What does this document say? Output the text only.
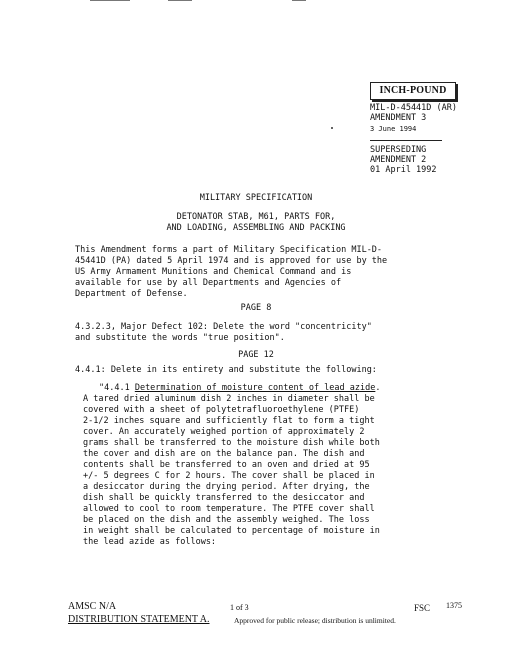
INCH-POUND
MIL-D-45441D (AR)
AMENDMENT 3
3 June 1994
SUPERSEDING
AMENDMENT 2
01 April 1992
MILITARY SPECIFICATION
DETONATOR STAB, M61, PARTS FOR,
AND LOADING, ASSEMBLING AND PACKING
This Amendment forms a part of Military Specification MIL-D-
45441D (PA) dated 5 April 1974 and is approved for use by the
US Army Armament Munitions and Chemical Command and is
available for use by all Departments and Agencies of
Department of Defense.
PAGE 8
4.3.2.3, Major Defect 102: Delete the word "concentricity"
and substitute the words "true position".
PAGE 12
4.4.1: Delete in its entirety and substitute the following:
"4.4.1 Determination of moisture content of lead azide.
A tared dried aluminum dish 2 inches in diameter shall be
covered with a sheet of polytetrafluoroethylene (PTFE)
2-1/2 inches square and sufficiently flat to form a tight
cover. An accurately weighed portion of approximately 2
grams shall be transferred to the moisture dish while both
the cover and dish are on the balance pan. The dish and
contents shall be transferred to an oven and dried at 95
+/- 5 degrees C for 2 hours. The cover shall be placed in
a desiccator during the drying period. After drying, the
dish shall be quickly transferred to the desiccator and
allowed to cool to room temperature. The PTFE cover shall
be placed on the dish and the assembly weighed. The loss
in weight shall be calculated to percentage of moisture in
the lead azide as follows:
AMSC N/A	1 of 3	FSC 1375
DISTRIBUTION STATEMENT A.	Approved for public release; distribution is unlimited.
